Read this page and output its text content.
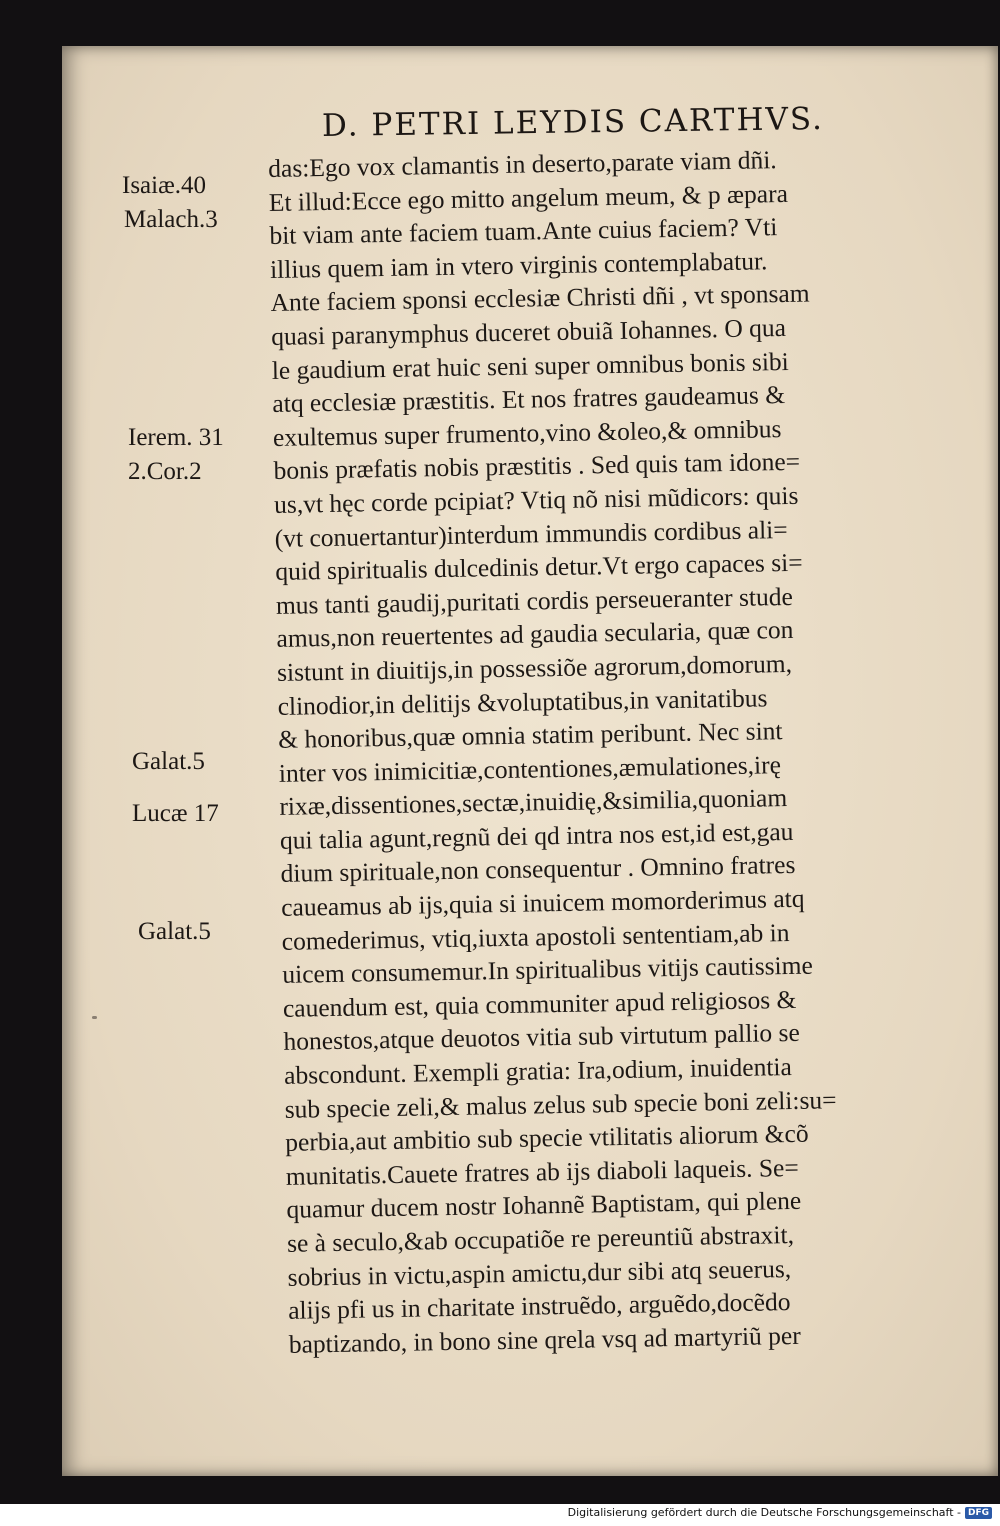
D. PETRI LEYDIS CARTHVS.
Isaiæ.40
Malach.3
Ierem. 31
2.Cor.2
Galat.5
Lucæ 17
Galat.5
das:Ego vox clamantis in deserto,parate viam dñi.
Et illud:Ecce ego mitto angelum meum, & p æpara
bit viam ante faciem tuam.Ante cuius faciem? Vti
illius quem iam in vtero virginis contemplabatur.
Ante faciem sponsi ecclesiæ Christi dñi , vt sponsam
quasi paranymphus duceret obuiã Iohannes. O qua
le gaudium erat huic seni super omnibus bonis sibi
atq ecclesiæ præstitis. Et nos fratres gaudeamus &
exultemus super frumento,vino &oleo,& omnibus
bonis præfatis nobis præstitis . Sed quis tam idone=
us,vt hęc corde pcipiat? Vtiq nõ nisi mũdicors: quis
(vt conuertantur)interdum immundis cordibus ali=
quid spiritualis dulcedinis detur.Vt ergo capaces si=
mus tanti gaudij,puritati cordis perseueranter stude
amus,non reuertentes ad gaudia secularia, quæ con
sistunt in diuitijs,in possessiõe agrorum,domorum,
clinodior,in delitijs &voluptatibus,in vanitatibus
& honoribus,quæ omnia statim peribunt. Nec sint
inter vos inimicitiæ,contentiones,æmulationes,irę
rixæ,dissentiones,sectæ,inuidię,&similia,quoniam
qui talia agunt,regnũ dei qd intra nos est,id est,gau
dium spirituale,non consequentur . Omnino fratres
caueamus ab ijs,quia si inuicem momorderimus atq
comederimus, vtiq,iuxta apostoli sententiam,ab in
uicem consumemur.In spiritualibus vitijs cautissime
cauendum est, quia communiter apud religiosos &
honestos,atque deuotos vitia sub virtutum pallio se
abscondunt. Exempli gratia: Ira,odium, inuidentia
sub specie zeli,& malus zelus sub specie boni zeli:su=
perbia,aut ambitio sub specie vtilitatis aliorum &cõ
munitatis.Cauete fratres ab ijs diaboli laqueis. Se=
quamur ducem nostr Iohannẽ Baptistam, qui plene
se à seculo,&ab occupatiõe re pereuntiũ abstraxit,
sobrius in victu,aspin amictu,dur sibi atq seuerus,
alijs pfi us in charitate instruẽdo, arguẽdo,docẽdo
baptizando, in bono sine qrela vsq ad martyriũ per
Digitalisierung gefördert durch die Deutsche Forschungsgemeinschaft - DFG
